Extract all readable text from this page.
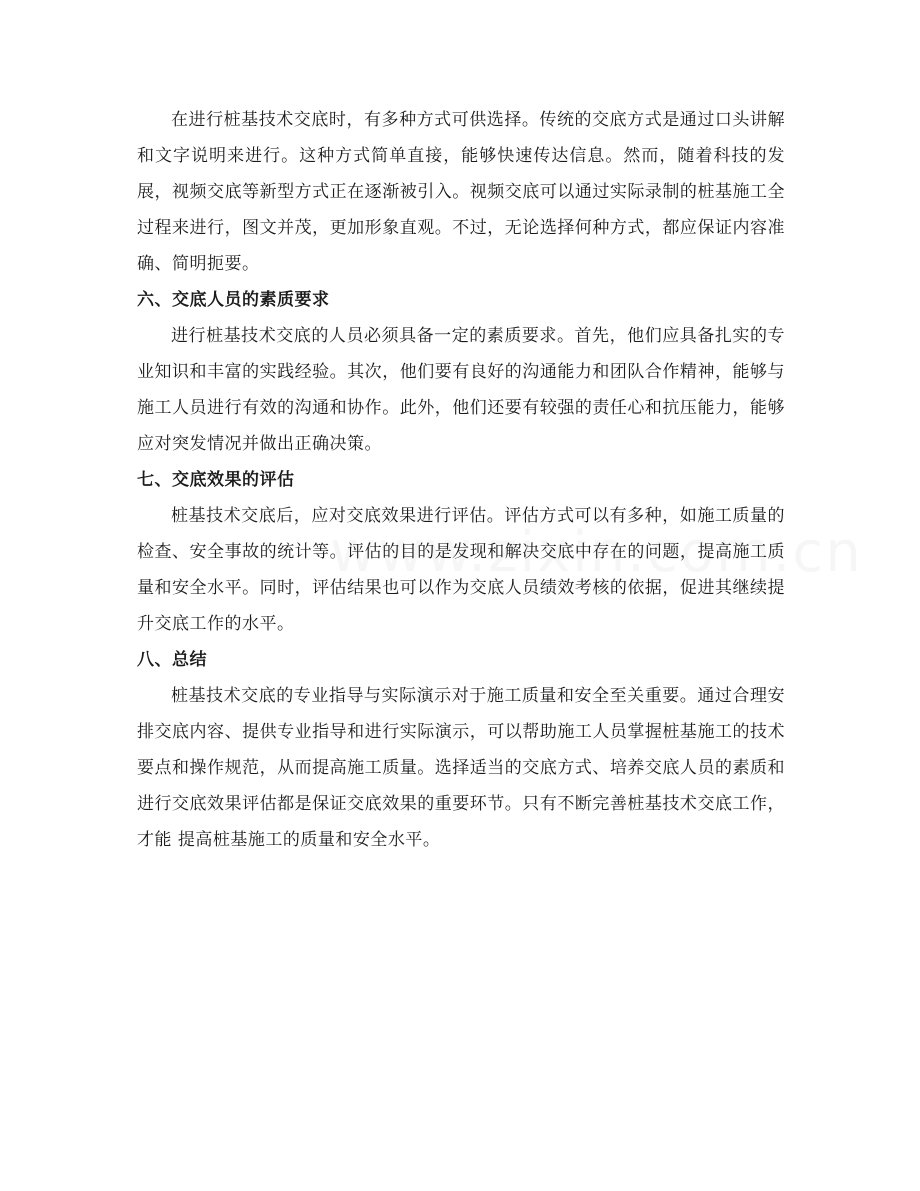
在进行桩基技术交底时，有多种方式可供选择。传统的交底方式是通过口头讲解和文字说明来进行。这种方式简单直接，能够快速传达信息。然而，随着科技的发展，视频交底等新型方式正在逐渐被引入。视频交底可以通过实际录制的桩基施工全过程来进行，图文并茂，更加形象直观。不过，无论选择何种方式，都应保证内容准确、简明扼要。

六、交底人员的素质要求

进行桩基技术交底的人员必须具备一定的素质要求。首先，他们应具备扎实的专业知识和丰富的实践经验。其次，他们要有良好的沟通能力和团队合作精神，能够与施工人员进行有效的沟通和协作。此外，他们还要有较强的责任心和抗压能力，能够应对突发情况并做出正确决策。

七、交底效果的评估

桩基技术交底后，应对交底效果进行评估。评估方式可以有多种，如施工质量的检查、安全事故的统计等。评估的目的是发现和解决交底中存在的问题，提高施工质量和安全水平。同时，评估结果也可以作为交底人员绩效考核的依据，促进其继续提升交底工作的水平。

八、总结

桩基技术交底的专业指导与实际演示对于施工质量和安全至关重要。通过合理安排交底内容、提供专业指导和进行实际演示，可以帮助施工人员掌握桩基施工的技术要点和操作规范，从而提高施工质量。选择适当的交底方式、培养交底人员的素质和进行交底效果评估都是保证交底效果的重要环节。只有不断完善桩基技术交底工作，才能 提高桩基施工的质量和安全水平。
